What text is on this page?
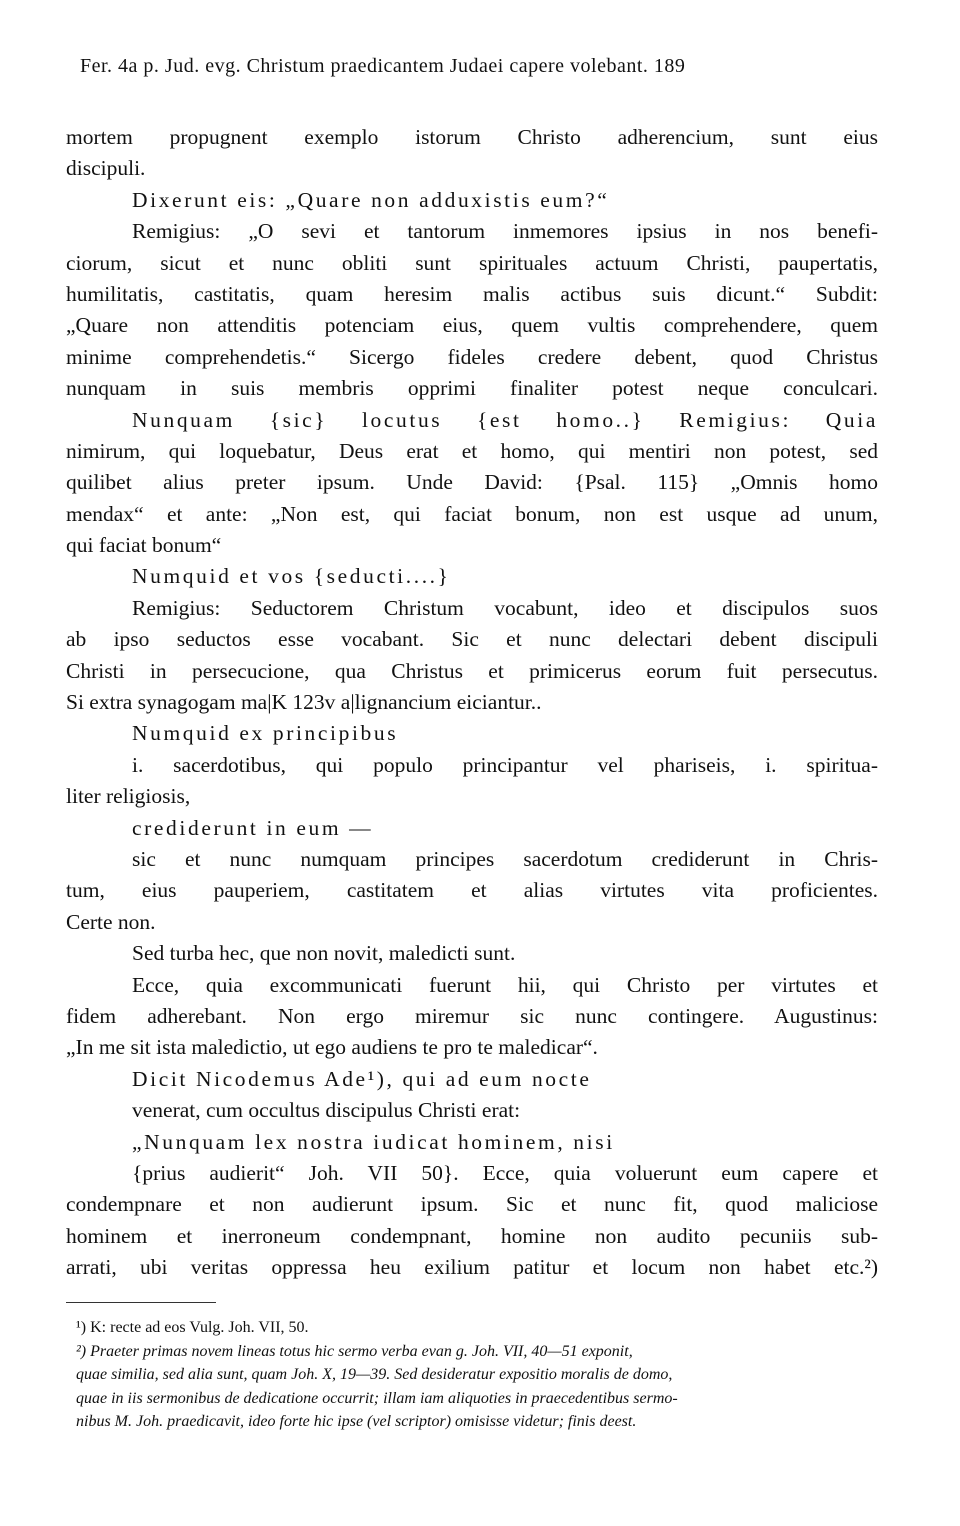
Fer. 4a p. Jud. evg. Christum praedicantem Judaei capere volebant. 189
mortem propugnent exemplo istorum Christo adherencium, sunt eius
discipuli.
Dixerunt eis: „Quare non adduxistis eum?“
Remigius: „O sevi et tantorum inmemores ipsius in nos benefi-
ciorum, sicut et nunc obliti sunt spirituales actuum Christi, paupertatis,
humilitatis, castitatis, quam heresim malis actibus suis dicunt.“ Subdit:
„Quare non attenditis potenciam eius, quem vultis comprehendere, quem
minime comprehendetis.“ Sicergo fideles credere debent, quod Christus
nunquam in suis membris opprimi finaliter potest neque conculcari.
Nunquam {sic} locutus {est homo..} Remigius: Quia
nimirum, qui loquebatur, Deus erat et homo, qui mentiri non potest, sed
quilibet alius preter ipsum. Unde David: {Psal. 115} „Omnis homo
mendax“ et ante: „Non est, qui faciat bonum, non est usque ad unum,
qui faciat bonum“
Numquid et vos {seducti....}
Remigius: Seductorem Christum vocabunt, ideo et discipulos suos
ab ipso seductos esse vocabant. Sic et nunc delectari debent discipuli
Christi in persecucione, qua Christus et primicerus eorum fuit persecutus.
Si extra synagogam ma|K 123v a|lignancium eiciantur..
Numquid ex principibus
i. sacerdotibus, qui populo principantur vel phariseis, i. spiritua-
liter religiosis,
crediderunt in eum —
sic et nunc numquam principes sacerdotum crediderunt in Chris-
tum, eius pauperiem, castitatem et alias virtutes vita proficientes.
Certe non.
Sed turba hec, que non novit, maledicti sunt.
Ecce, quia excommunicati fuerunt hii, qui Christo per virtutes et
fidem adherebant. Non ergo miremur sic nunc contingere. Augustinus:
„In me sit ista maledictio, ut ego audiens te pro te maledicar“.
Dicit Nicodemus Ade¹), qui ad eum nocte
venerat, cum occultus discipulus Christi erat:
„Nunquam lex nostra iudicat hominem, nisi
{prius audierit“ Joh. VII 50}. Ecce, quia voluerunt eum capere et
condempnare et non audierunt ipsum. Sic et nunc fit, quod maliciose
hominem et inerroneum condempnant, homine non audito pecuniis sub-
arrati, ubi veritas oppressa heu exilium patitur et locum non habet etc.²)
¹) K: recte ad eos Vulg. Joh. VII, 50.
²) Praeter primas novem lineas totus hic sermo verba evan g. Joh. VII, 40—51 exponit,
quae similia, sed alia sunt, quam Joh. X, 19—39. Sed desideratur expositio moralis de domo,
quae in iis sermonibus de dedicatione occurrit; illam iam aliquoties in praecedentibus sermo-
nibus M. Joh. praedicavit, ideo forte hic ipse (vel scriptor) omisisse videtur; finis deest.
